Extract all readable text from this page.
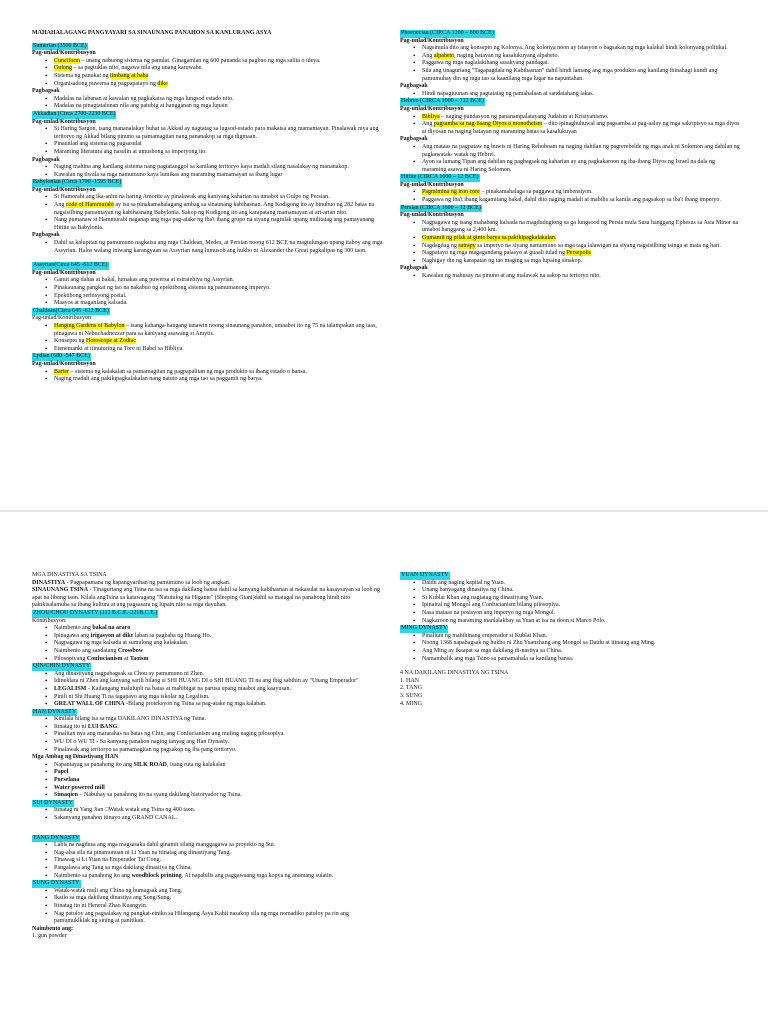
MAHAHALAGANG PANGYAYARI SA SINAUNANG PANAHON SA KANLURANG ASYA
Sumerian (3500 BCE)
Pag-unlad/Kontribusyon
• Cuneiform – unang nabuong sistema ng panulat. Ginagamian ng 600 pananda sa pagbuo ng mga salita o ideya.
• Gulong – sa pagtuklas nito, nagawa nila ang unang karuwahe.
• Sistema ng panukat ng timbang at haba
• Organisadong puwersa ng pagpapatayo ng dike
Pagbagsak
• Madalas na labanan at kawalan ng pagkakaisa ng mga lungsod estado nito.
• Madalas na pinagtatalunan nila ang patubig at hangganan ng mga lupain
Akkadian (Circa 2700-2230 BCE)
Pag-unlad/Kontribusyon
• Si Haring Sargon, isang mananalakay buhat sa Akkad ay nagtatag sa lugsod-estado para makaisa ang mamamayan. Pinalawak niya ang teritoryo ng Akkad bilang pinuno sa pamamagitan nang pananakop sa mga digmaan.
• Pinaunlad ang sistema ng pagsasulat
• Maraming literatura ang nasulin at umusbong sa imperyong ito.
Pagbagsak
• Naging mahina ang kanilang sistema nang pagtatanggol sa kanilang teritoryo kaya madali silang nasalakay ng mananakop.
• Kawalan ng tiwala sa mga namumuno kaya lumikas ang maraming mamamayan sa ibang lugar
Babylonian (Circa 1790 -1595 BCE)
Pag-unlad/Kontribusyon
• Si Hamorabi ang ika-anim na haring Amorite ay pinalawak ang kaniyang kaharian na umabot sa Gulpo ng Persian.
• Ang code of Hammurabi ay isa sa pinakamahalagang ambag sa sinaunang kabihasnan. Ang Kodigong ito ay binubuo ng 282 batas na nagsisilbing pamantayan ng kabihasnang Babylonia. Sakop ng Kodigong ito ang karapatang mamamayan at ari-arian nito.
• Nang pumanaw si Hammurabi naganap ang mga pag-atake ng iba't ibang grupo na siyang nagtulak upang mulitatag ang pamayanang Hittite sa Babylonia.
Pagbagsak
• Dahil sa kalupitan ng pamumuno nagkaisa ang mga Chaldean, Medes, at Persian noong 612 BCE na magtulungan upang itaboy ang mga Assyrian. Halos walang iniwang karangyaan sa Assyrian nang lumusob ang hukbo ni Alexander the Great pagkalipas ng 300 taon.
Assyrian(Circa 645 -612 BCE)
Pag-unlad/Kontribusyon
• Gamit ang dahas at bakal, lumakas ang puwersa at estratehiya ng Assyrian.
• Pinakaunang pangkat ng tao na nakabuo ng epektibong sistema ng pamumanong imperyo.
• Epektibong serbisyong postal.
• Maayos at maganlang kalsada.
Chaldean(Circa 645 -612 BCE)
Pag-unlad/Kontribusyon
• Hanging Gardens of Babylon – isang kahanga-hangang tanawin noong sinaunang panahon, umaabot ito ng 75 na talampakan ang taas, pinagawa ni Nebuchadnezzar para sa kaniyang asawang si Amytis.
• Konsepto ng Horoscope at Zodiac
• Etenemanki at itinuturing na Tore ni Babel sa Bibliya.
Lydian (680 -547 BCE)
Pag-unlad/Kontribusyon
• Barter – sistema ng kalakalan sa pamamagitan ng pagpapalitan ng mga produkto sa ibang estado o bansa.
• Naging madali ang pakikipagkalakalan nang natuto ang mga tao sa paggamit ng barya.
Phoenecian (CIRCA 1200 – 800 BCE)
Pag-unlad/Kontribusyon
• Nagsimula dito ang konsepto ng Kolonya. Ang kolonya noon ay istasyon o bagsakan ng mga kalakal hindi kolonyang politikal.
• Ang alpabeto, naging batayan ng kasalukuyang alpabeto.
• Paggawa ng mga naglalakihang sasakyang pandagat.
• Sila ang tinaguriang "Tagapagdala ng Kabihasnan" dahil hindi lamang ang mga produkto ang kanilang ibinahagi kundi ang pamumuhay din ng mga tao sa kaanilang mga lugar na napuntahan.
Pagbagsak
• Hindi napagtuunan ang pagtatatag ng pamahalaan at sandatahang lakas.
Hebreo (CIRCA 1000 – 722 BCE)
Pag-unlad/Kontribusyon
• Bibliya – naging pundasyon ng pananampalatayang Judaism at Kristyanismo.
• Ang pagsamba sa nag-iisang Diyos o monotheism – dito ipinaghuhuwal ang pagsamba at pag-aalay ng mga sakripisyo sa mga diyos at diyosan na naging batayan ng maraming batas sa kasalukuyan
Pagbagsak
• Ang mataas na pagpataw ng buwis ni Haring Rehoboam na naging dahilan ng pagrerebelde ng mga anak ni Solomon ang dahilan ng pagkawatak- watak ng Hebrei.
• Ayon sa lumang Tipan ang dahilan ng pagbagsak ng kaharian ay ang pagkakaroon ng iba-ibang Diyos ng Israel na dala ng maraming asawa ni Haring Solomon.
Hittite (CIRCA 1600 – 12 BCE)
Pag-unlad/Kontribusyon
• Pagmimina ng iron core – pinakamahalaga sa paggawa ng imbensiyon.
• Paggawa ng iba't ibang kagamitang bakal, dahil dito naging madali at mabilis sa kanila ang pagsakop sa iba't ibang imperyo.
Persian (CIRCA 1600 – 12 BCE)
Pag-unlad/Kontribusyon
• Nagpagawa ng isang mahabang kalsada na magdudugtong sa ga lungsood ng Persia mula Susa hanggang Ephesus sa Asia Minor na umabot hanggang sa 2,400 km.
• Gumamit ng pilak at ginto barya sa pakikipagkalakalan.
• Nagdagdag ng satrapy sa imperyo na siyang namumuno sa mga taga lalawigan na siyang nagsisilbing tainga at mata ng hari.
• Nagpatayo ng mga magagandang palasyo at guaali tulad ng Persepolis
• Naghigay din ng karapatan ng tao maging sa mga lupaing sinakop.
Pagbagsak
• Kawalan ng mahusay na pinuno at ang malawak na sakop na tertoryo nito.
MGA DINASTIYA SA TSINA
DINASTIYA - Pagpapamana ng kapangyarihan ng pamumuno sa loob ng angkan.
SINAUNANG TSINA - Tinaguriang ang Tsina na isa sa mga dakilang bansa dahil sa kanyang kabihasnan at nakasulat na kasaysayan sa loob ng apat na libong taon. Kilala angTsina sa katawagang "Natutulog na Higante" (Sleeping Giant)dahil sa matagal na panahong hindi nito pakikisalamuha sa ibang kultura at ang pagsasara ng lupain nito sa mga dayuhan.
ZHOU/CHOU DYNASTY (112 B.C.E.-221B.C.E.)
Kontribusyon:
• Naimbento ang bakal na araro
• Ipinagawa ang irigasyon at dike laban sa pagbaha ng Huang Ho.
• Nagpagawa ng mga kalsada at sumulong ang kalakalan.
• Naimbento ang sandatang Crossbow
• Pilosopiyang Confucianism at Taoism
QIN/CHIN DYNASTY
• Ang dinastiyang nagpabagsak sa Chou ay pamumuno ni Zhen.
• Idineklara ni Zhen ang kanyang sarili bilang si SHI HUANG DI o SHI HUANG TI na ang ibig sabihin ay "Unang Emperador"
• LEGALISM - Kailangang maluluplt na batas at mabibigat na parusa upang maabot ang kaayusan.
• Pinili ni Shi Huang Ti na tagapayo ang mga iskolar ng Legalism.
• GREAT WALL OF CHINA -Bilang proteksyon ng Tsina sa pag-atake ng mga kalaban.
HAN DYNASTY
• Kinilala bilang isa sa mga DAKILANG DINASTIYA ng Tsina.
• Itinatag ito ni LUI BANG.
• Pinalitan nya ang mararahas na batas ng Chin, ang Confucianism ang muling naging pilosopiya.
• WU DI o WU TI - Sa kanyang panahon naging tanyag ang Han Dynasty.
• Pinalawak ang teritoryo sa pamamagitan ng pagsakop ng iba pang teritoryo.
Mga Ambag ng Dinastiyang HAN
• Napantayag sa panahong ito ang SILK ROAD, isang ruta ng kalakalan
• Papel
• Porselana
• Water powered mill
• Simaqien – Nabuhay sa panahong ito na syang dakilang historyador ng Tsina.
SUI DYNASTY
• Itinatag ni Yang Jian □Watak watak ang Tsina ng 400 taon.
• Sakanyang panahon itinayo ang GRAND CANAL.
TANG DYNASTY
• Labis na nagdusa ang mga magsasaka dahil ginamit silang manggagawa sa proyekto ng Sui.
• Nag-alsa sila na pinamunuan ni Li Yuan na itinatag ang dinastiyang Tang.
• Tinawag si Li Yuan na Emperador Tai Cong.
• Pangalawa ang Tang sa mga dakilang dinastiya ng China.
• Naimbento sa panahong ito ang woodblock printing. At napabilis ang paggawaang mga kopya ng anumang sulatin.
SUNG DYNASTY
• Watak-watak muli ang China ng bumagsak ang Tang.
• Ikatlo sa mga dakilang dinastiya ang Song/Sung.
• Itinatag ito ni Heneral Zhao Kuangyin.
• Nag patuloy ang pagsalakay ng pangkat-etniko sa Hilangang Asya.Kahit nasakop sila ng mga nomadiko patuloy pa rin ang pamumuklklak ng sining at panitikan.
Naimbento ang:
1. gun powder
YUAN DYNASTY
• Daidu ang naging kapital ng Yuan.
• Unang banyagang dinastiya ng China.
• Si Kublai Khan ang nagtatag ng dinastiyang Yuan.
• Ipinairal ng Mongol ang Confucianism bilang pilosopiya.
• Nasa mataas na posisyon ang imperyo ng mga Mongol.
• Nagkaroon ng maraming manlalakbay sa Yuan at isa na doon si Marco Polo.
MING DYNASTY
• Pinalitan ng mahihinang emperador si Kublai Khan.
• Noong 1368 napabagsak ng hukbo ni Zhu Yuanzhang ang Mongol sa Daidu at itinatag ang Ming.
• Ang Ming ay ikaapat sa mga dakilang di-nastiya sa China.
• Namambalik ang mga Tsino sa pamamahala sa kanilang bansa.
4 NA DAKILANG DINASTIYA NG TSINA
1. HAN
2. TANG
3. SUNG
4. MING
